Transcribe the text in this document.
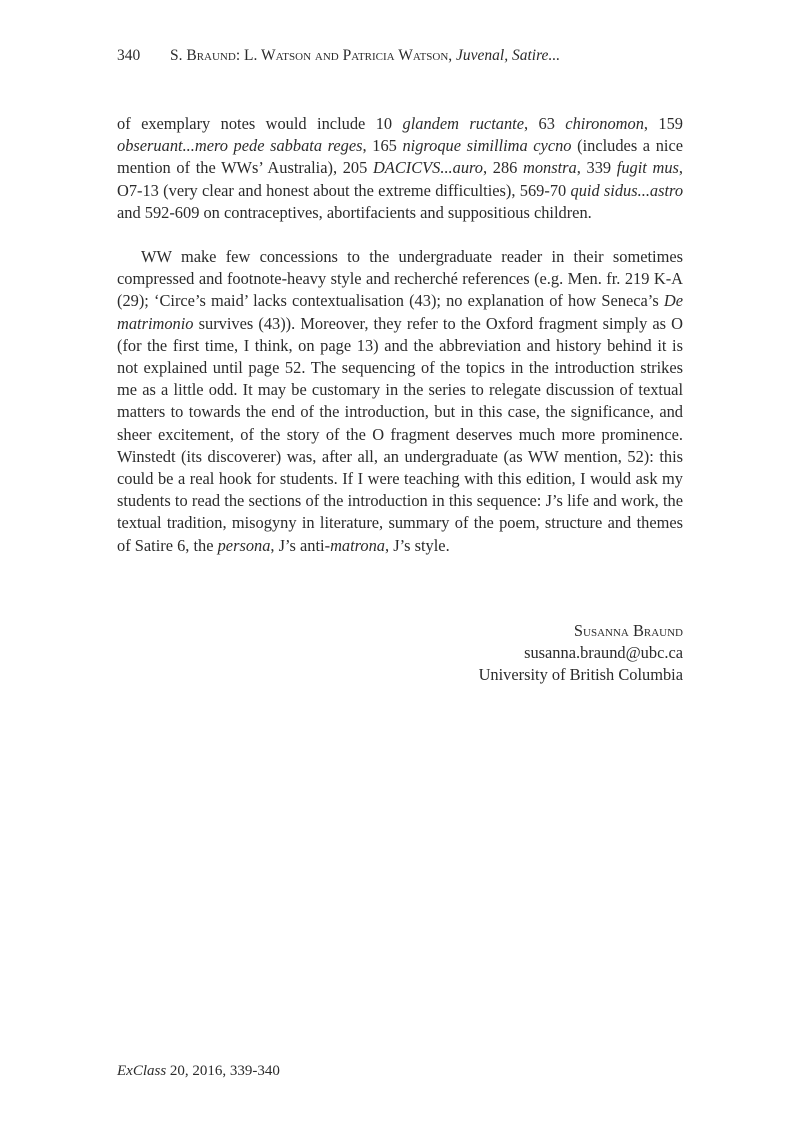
340 S. Braund: L. Watson and Patricia Watson, Juvenal, Satire...

of exemplary notes would include 10 glandem ructante, 63 chironomon, 159 obseruant...mero pede sabbata reges, 165 nigroque simillima cycno (includes a nice mention of the WWs’ Australia), 205 DACICVS...auro, 286 monstra, 339 fugit mus, O7-13 (very clear and honest about the extreme difficulties), 569-70 quid sidus...astro and 592-609 on contraceptives, abortifacients and suppositious children.

WW make few concessions to the undergraduate reader in their sometimes compressed and footnote-heavy style and recherché references (e.g. Men. fr. 219 K-A (29); ‘Circe’s maid’ lacks contextualisation (43); no explanation of how Seneca’s De matrimonio survives (43)). Moreover, they refer to the Oxford fragment simply as O (for the first time, I think, on page 13) and the abbreviation and history behind it is not explained until page 52. The sequencing of the topics in the introduction strikes me as a little odd. It may be customary in the series to relegate discussion of textual matters to towards the end of the introduction, but in this case, the significance, and sheer excitement, of the story of the O fragment deserves much more prominence. Winstedt (its discoverer) was, after all, an undergraduate (as WW mention, 52): this could be a real hook for students. If I were teaching with this edition, I would ask my students to read the sections of the introduction in this sequence: J’s life and work, the textual tradition, misogyny in literature, summary of the poem, structure and themes of Satire 6, the persona, J’s anti-matrona, J’s style.

Susanna Braund
susanna.braund@ubc.ca
University of British Columbia
ExClass 20, 2016, 339-340
